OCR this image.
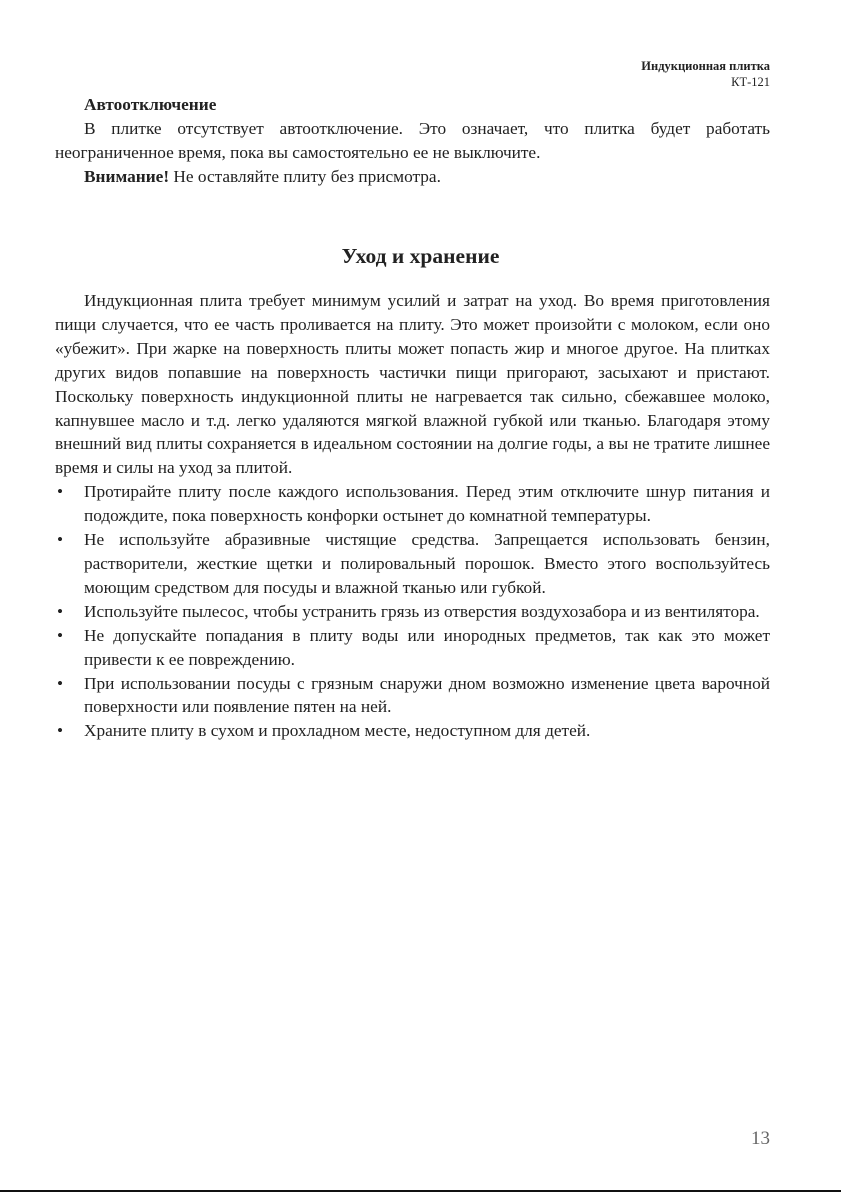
Индукционная плитка
КТ-121

Автоотключение

В плитке отсутствует автоотключение. Это означает, что плитка будет работать неограниченное время, пока вы самостоятельно ее не выключите.

Внимание! Не оставляйте плиту без присмотра.

Уход и хранение

Индукционная плита требует минимум усилий и затрат на уход. Во время приготовления пищи случается, что ее часть проливается на плиту. Это может произойти с молоком, если оно «убежит». При жарке на поверхность плиты может попасть жир и многое другое. На плитках других видов попавшие на поверхность частички пищи пригорают, засыхают и пристают. Поскольку поверхность индукционной плиты не нагревается так сильно, сбежавшее молоко, капнувшее масло и т.д. легко удаляются мягкой влажной губкой или тканью. Благодаря этому внешний вид плиты сохраняется в идеальном состоянии на долгие годы, а вы не тратите лишнее время и силы на уход за плитой.

• Протирайте плиту после каждого использования. Перед этим отключите шнур питания и подождите, пока поверхность конфорки остынет до комнатной температуры.
• Не используйте абразивные чистящие средства. Запрещается использовать бензин, растворители, жесткие щетки и полировальный порошок. Вместо этого воспользуйтесь моющим средством для посуды и влажной тканью или губкой.
• Используйте пылесос, чтобы устранить грязь из отверстия воздухозабора и из вентилятора.
• Не допускайте попадания в плиту воды или инородных предметов, так как это может привести к ее повреждению.
• При использовании посуды с грязным снаружи дном возможно изменение цвета варочной поверхности или появление пятен на ней.
• Храните плиту в сухом и прохладном месте, недоступном для детей.
13
